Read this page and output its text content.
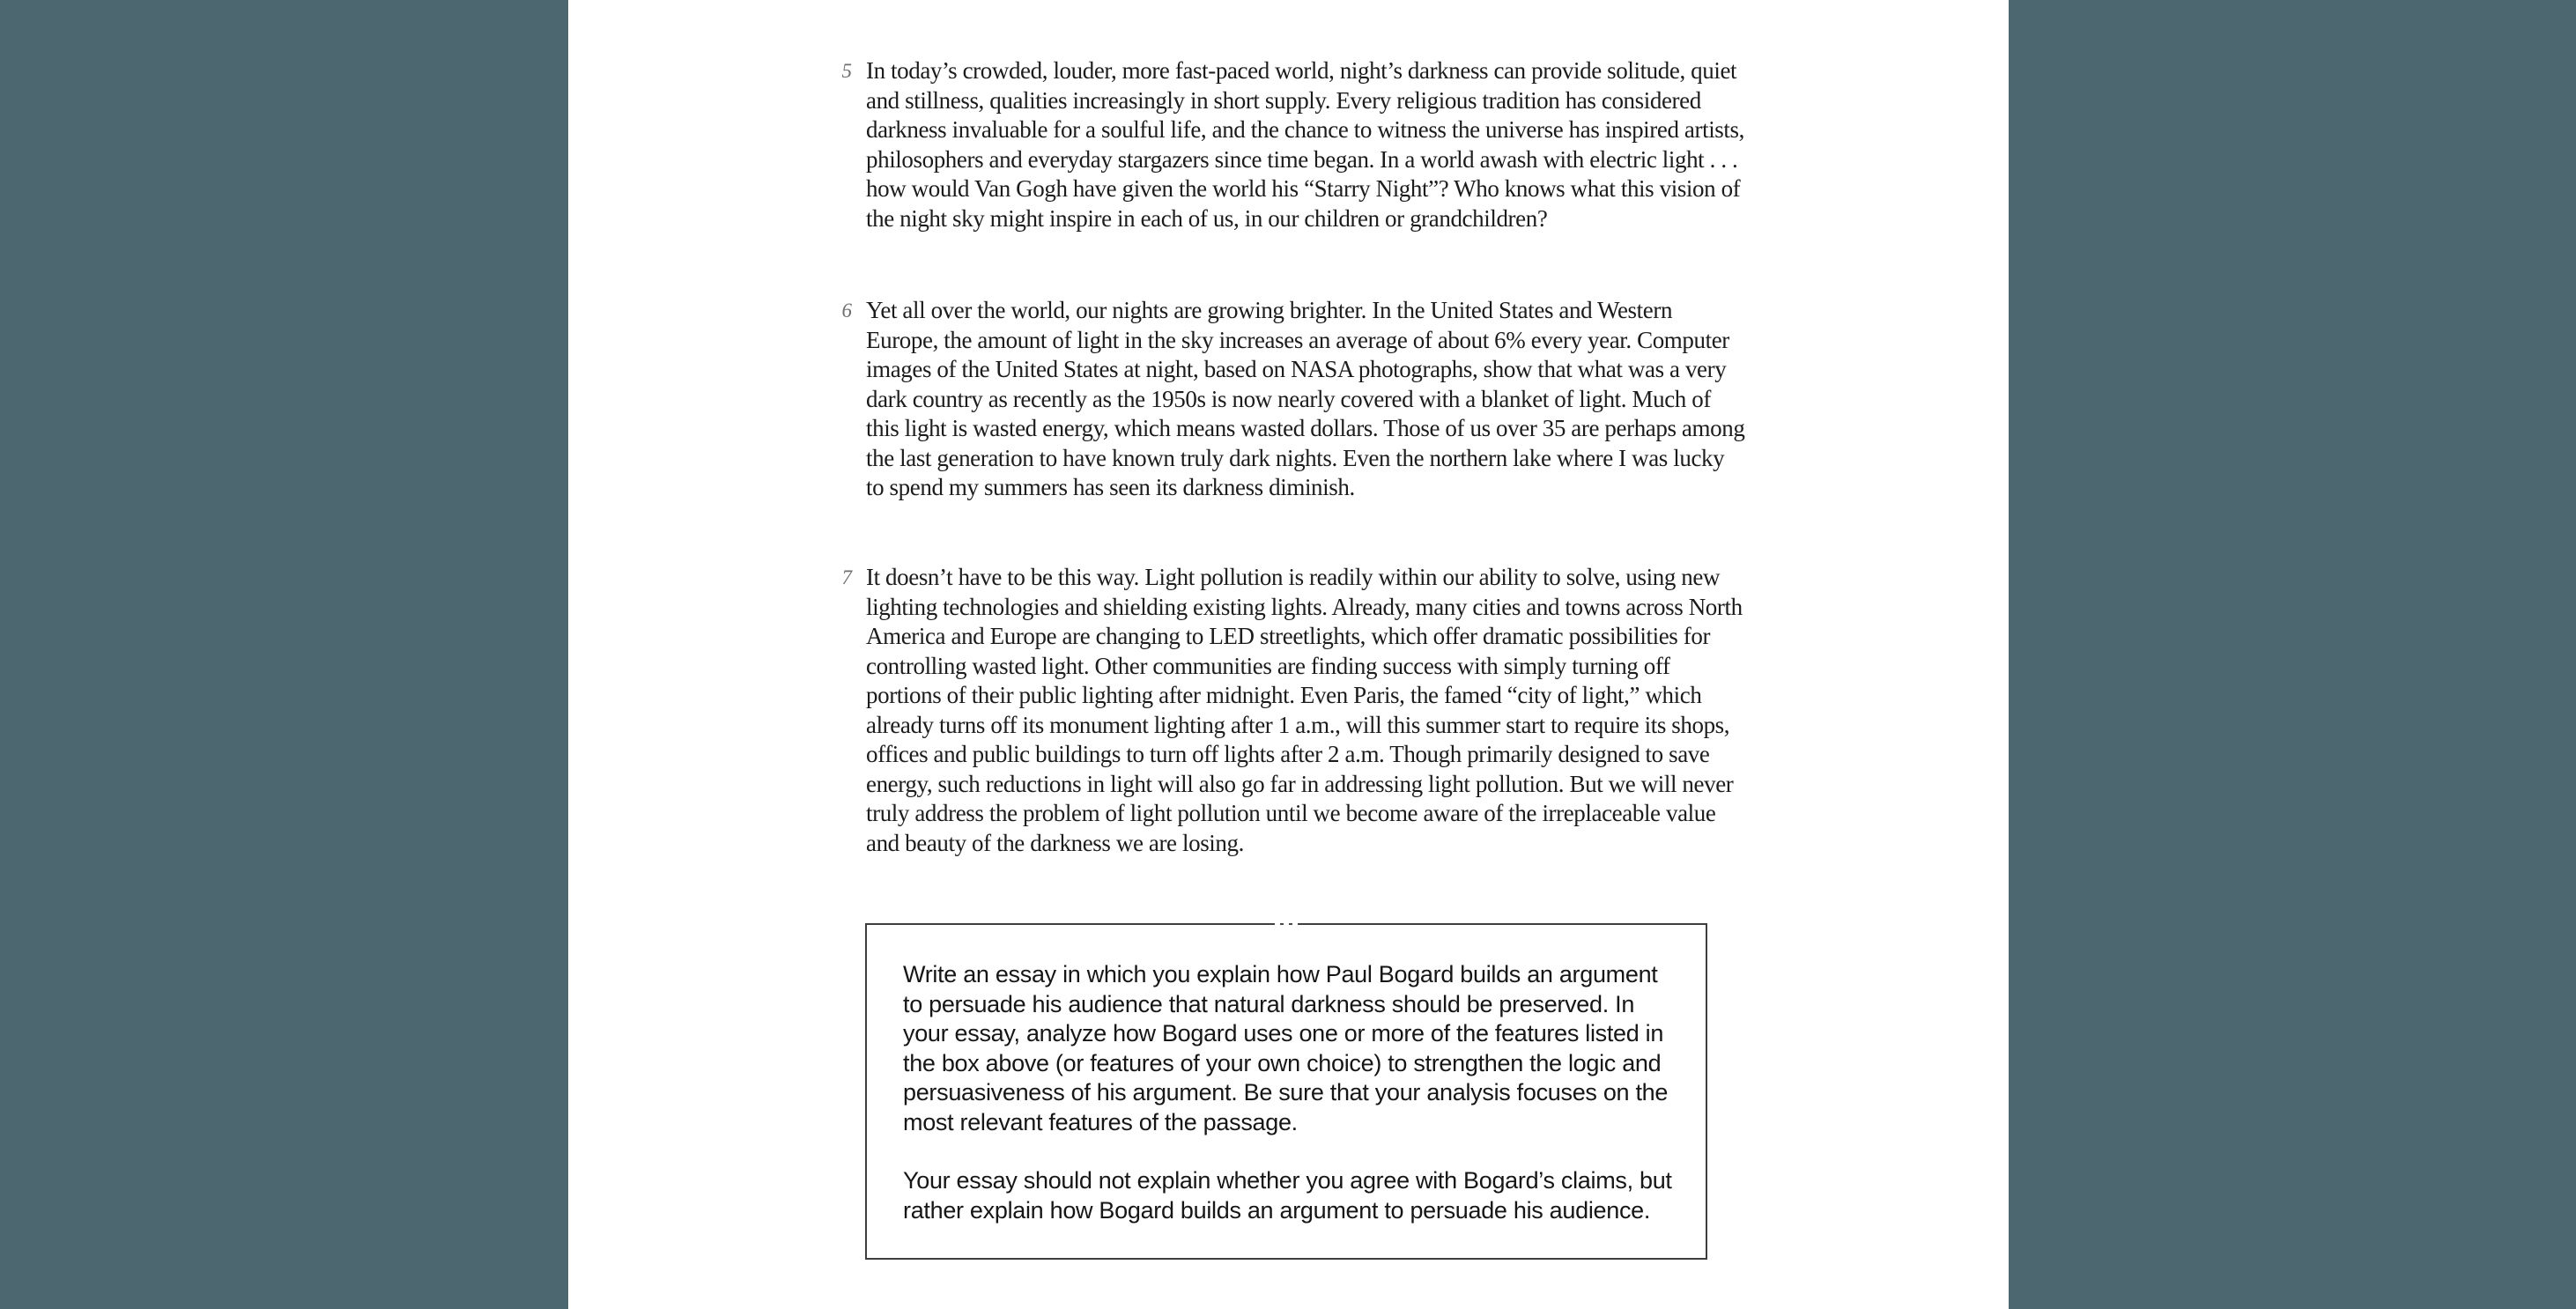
5 In today’s crowded, louder, more fast-paced world, night’s darkness can provide solitude, quiet and stillness, qualities increasingly in short supply. Every religious tradition has considered darkness invaluable for a soulful life, and the chance to witness the universe has inspired artists, philosophers and everyday stargazers since time began. In a world awash with electric light . . . how would Van Gogh have given the world his “Starry Night”? Who knows what this vision of the night sky might inspire in each of us, in our children or grandchildren?
6 Yet all over the world, our nights are growing brighter. In the United States and Western Europe, the amount of light in the sky increases an average of about 6% every year. Computer images of the United States at night, based on NASA photographs, show that what was a very dark country as recently as the 1950s is now nearly covered with a blanket of light. Much of this light is wasted energy, which means wasted dollars. Those of us over 35 are perhaps among the last generation to have known truly dark nights. Even the northern lake where I was lucky to spend my summers has seen its darkness diminish.
7 It doesn’t have to be this way. Light pollution is readily within our ability to solve, using new lighting technologies and shielding existing lights. Already, many cities and towns across North America and Europe are changing to LED streetlights, which offer dramatic possibilities for controlling wasted light. Other communities are finding success with simply turning off portions of their public lighting after midnight. Even Paris, the famed “city of light,” which already turns off its monument lighting after 1 a.m., will this summer start to require its shops, offices and public buildings to turn off lights after 2 a.m. Though primarily designed to save energy, such reductions in light will also go far in addressing light pollution. But we will never truly address the problem of light pollution until we become aware of the irreplaceable value and beauty of the darkness we are losing.
Write an essay in which you explain how Paul Bogard builds an argument to persuade his audience that natural darkness should be preserved. In your essay, analyze how Bogard uses one or more of the features listed in the box above (or features of your own choice) to strengthen the logic and persuasiveness of his argument. Be sure that your analysis focuses on the most relevant features of the passage.
Your essay should not explain whether you agree with Bogard’s claims, but rather explain how Bogard builds an argument to persuade his audience.
